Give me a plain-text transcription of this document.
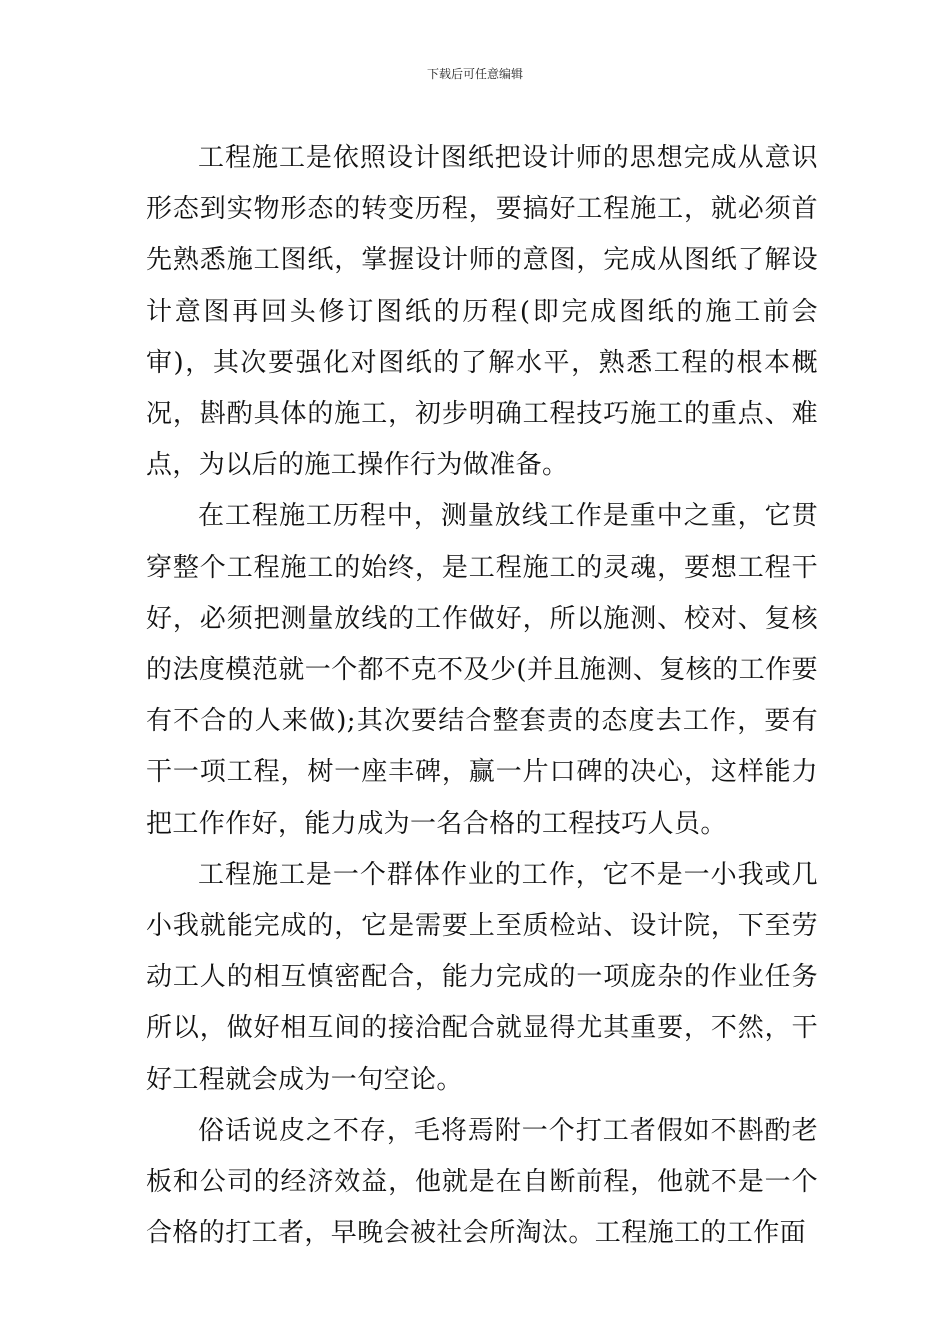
下载后可任意编辑

工程施工是依照设计图纸把设计师的思想完成从意识形态到实物形态的转变历程，要搞好工程施工，就必须首先熟悉施工图纸，掌握设计师的意图，完成从图纸了解设计意图再回头修订图纸的历程(即完成图纸的施工前会审)，其次要强化对图纸的了解水平，熟悉工程的根本概况，斟酌具体的施工，初步明确工程技巧施工的重点、难点，为以后的施工操作行为做准备。

在工程施工历程中，测量放线工作是重中之重，它贯穿整个工程施工的始终，是工程施工的灵魂，要想工程干好，必须把测量放线的工作做好，所以施测、校对、复核的法度模范就一个都不克不及少(并且施测、复核的工作要有不合的人来做);其次要结合整套责的态度去工作，要有干一项工程，树一座丰碑，赢一片口碑的决心，这样能力把工作作好，能力成为一名合格的工程技巧人员。

工程施工是一个群体作业的工作，它不是一小我或几小我就能完成的，它是需要上至质检站、设计院，下至劳动工人的相互慎密配合，能力完成的一项庞杂的作业任务所以，做好相互间的接洽配合就显得尤其重要，不然，干好工程就会成为一句空论。

俗话说皮之不存，毛将焉附一个打工者假如不斟酌老板和公司的经济效益，他就是在自断前程，他就不是一个合格的打工者，早晚会被社会所淘汰。工程施工的工作面
